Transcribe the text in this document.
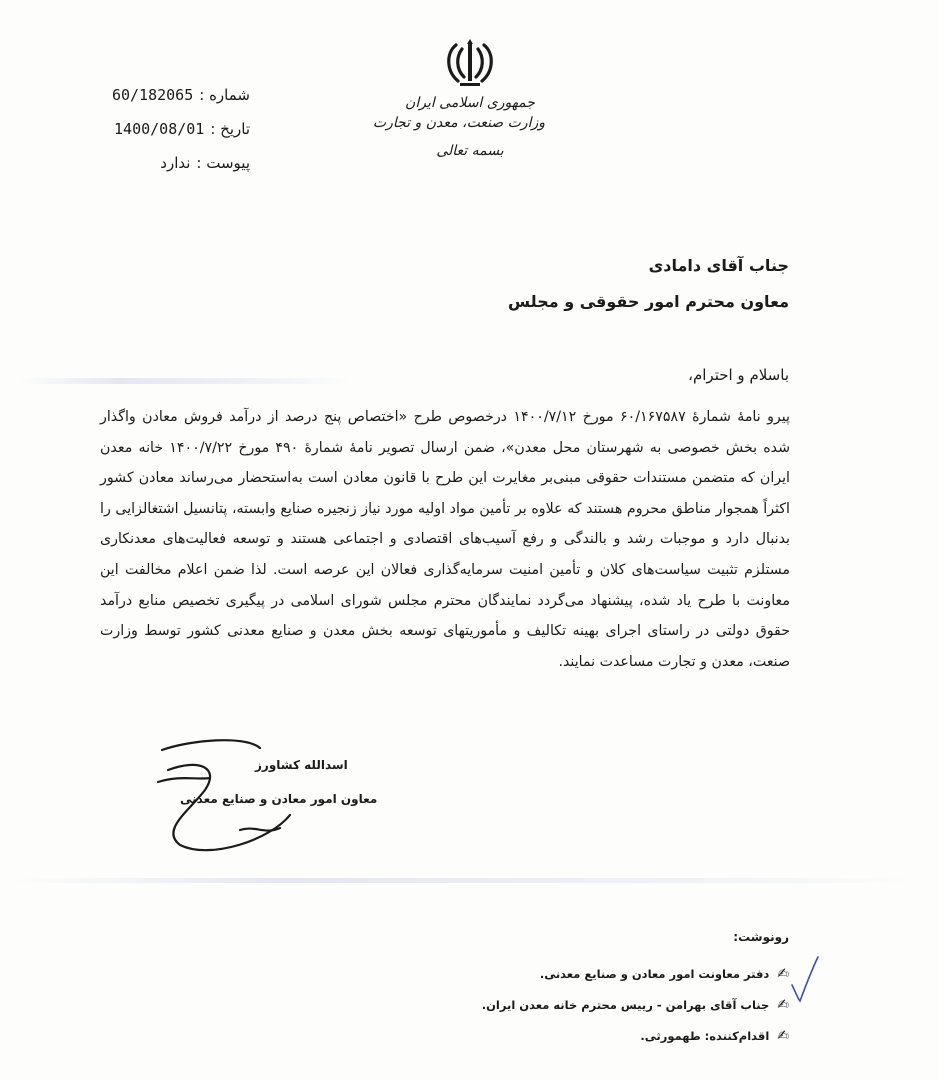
شماره :
60/182065
تاریخ :
1400/08/01
پیوست :
ندارد
جمهوری اسلامی ایران
وزارت صنعت، معدن و تجارت
بسمه تعالی
جناب آقای دامادی
معاون محترم امور حقوقی و مجلس
باسلام و احترام،

پیرو نامهٔ شمارهٔ ۶۰/۱۶۷۵۸۷ مورخ ۱۴۰۰/۷/۱۲ درخصوص طرح «اختصاص پنج درصد از درآمد فروش معادن واگذار شده بخش خصوصی به شهرستان محل معدن»، ضمن ارسال تصویر نامهٔ شمارهٔ ۴۹۰ مورخ ۱۴۰۰/۷/۲۲ خانه معدن ایران که متضمن مستندات حقوقی مبنی‌بر مغایرت این طرح با قانون معادن است به‌استحضار می‌رساند معادن کشور اکثراً همجوار مناطق محروم هستند که علاوه بر تأمین مواد اولیه مورد نیاز زنجیره صنایع وابسته، پتانسیل اشتغالزایی را بدنبال دارد و موجبات رشد و بالندگی و رفع آسیب‌های اقتصادی و اجتماعی هستند و توسعه فعالیت‌های معدنکاری مستلزم تثبیت سیاست‌های کلان و تأمین امنیت سرمایه‌گذاری فعالان این عرصه است. لذا ضمن اعلام مخالفت این معاونت با طرح یاد شده، پیشنهاد می‌گردد نمایندگان محترم مجلس شورای اسلامی در پیگیری تخصیص منابع درآمد حقوق دولتی در راستای اجرای بهینه تکالیف و مأموریتهای توسعه بخش معدن و صنایع معدنی کشور توسط وزارت صنعت، معدن و تجارت مساعدت نمایند.

اسدالله کشاورز
معاون امور معادن و صنایع معدنی
رونوشت:
✍
دفتر معاونت امور معادن و صنایع معدنی.
✍
جناب آقای بهرامن - رییس محترم خانه معدن ایران.
✍
اقدام‌کننده: طهمورثی.
